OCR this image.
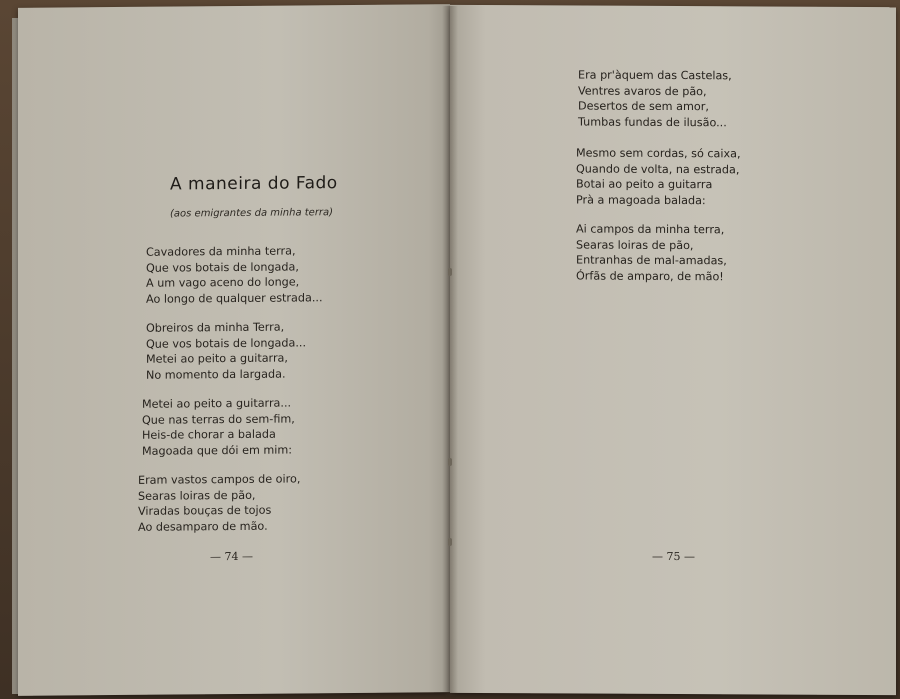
A maneira do Fado
(aos emigrantes da minha terra)
Cavadores da minha terra,
Que vos botais de longada,
A um vago aceno do longe,
Ao longo de qualquer estrada...
Obreiros da minha Terra,
Que vos botais de longada...
Metei ao peito a guitarra,
No momento da largada.
Metei ao peito a guitarra...
Que nas terras do sem-fim,
Heis-de chorar a balada
Magoada que dói em mim:
Eram vastos campos de oiro,
Searas loiras de pão,
Viradas bouças de tojos
Ao desamparo de mão.
— 74 —
Era pr'àquem das Castelas,
Ventres avaros de pão,
Desertos de sem amor,
Tumbas fundas de ilusão...
Mesmo sem cordas, só caixa,
Quando de volta, na estrada,
Botai ao peito a guitarra
Prà a magoada balada:
Ai campos da minha terra,
Searas loiras de pão,
Entranhas de mal-amadas,
Órfãs de amparo, de mão!
— 75 —
